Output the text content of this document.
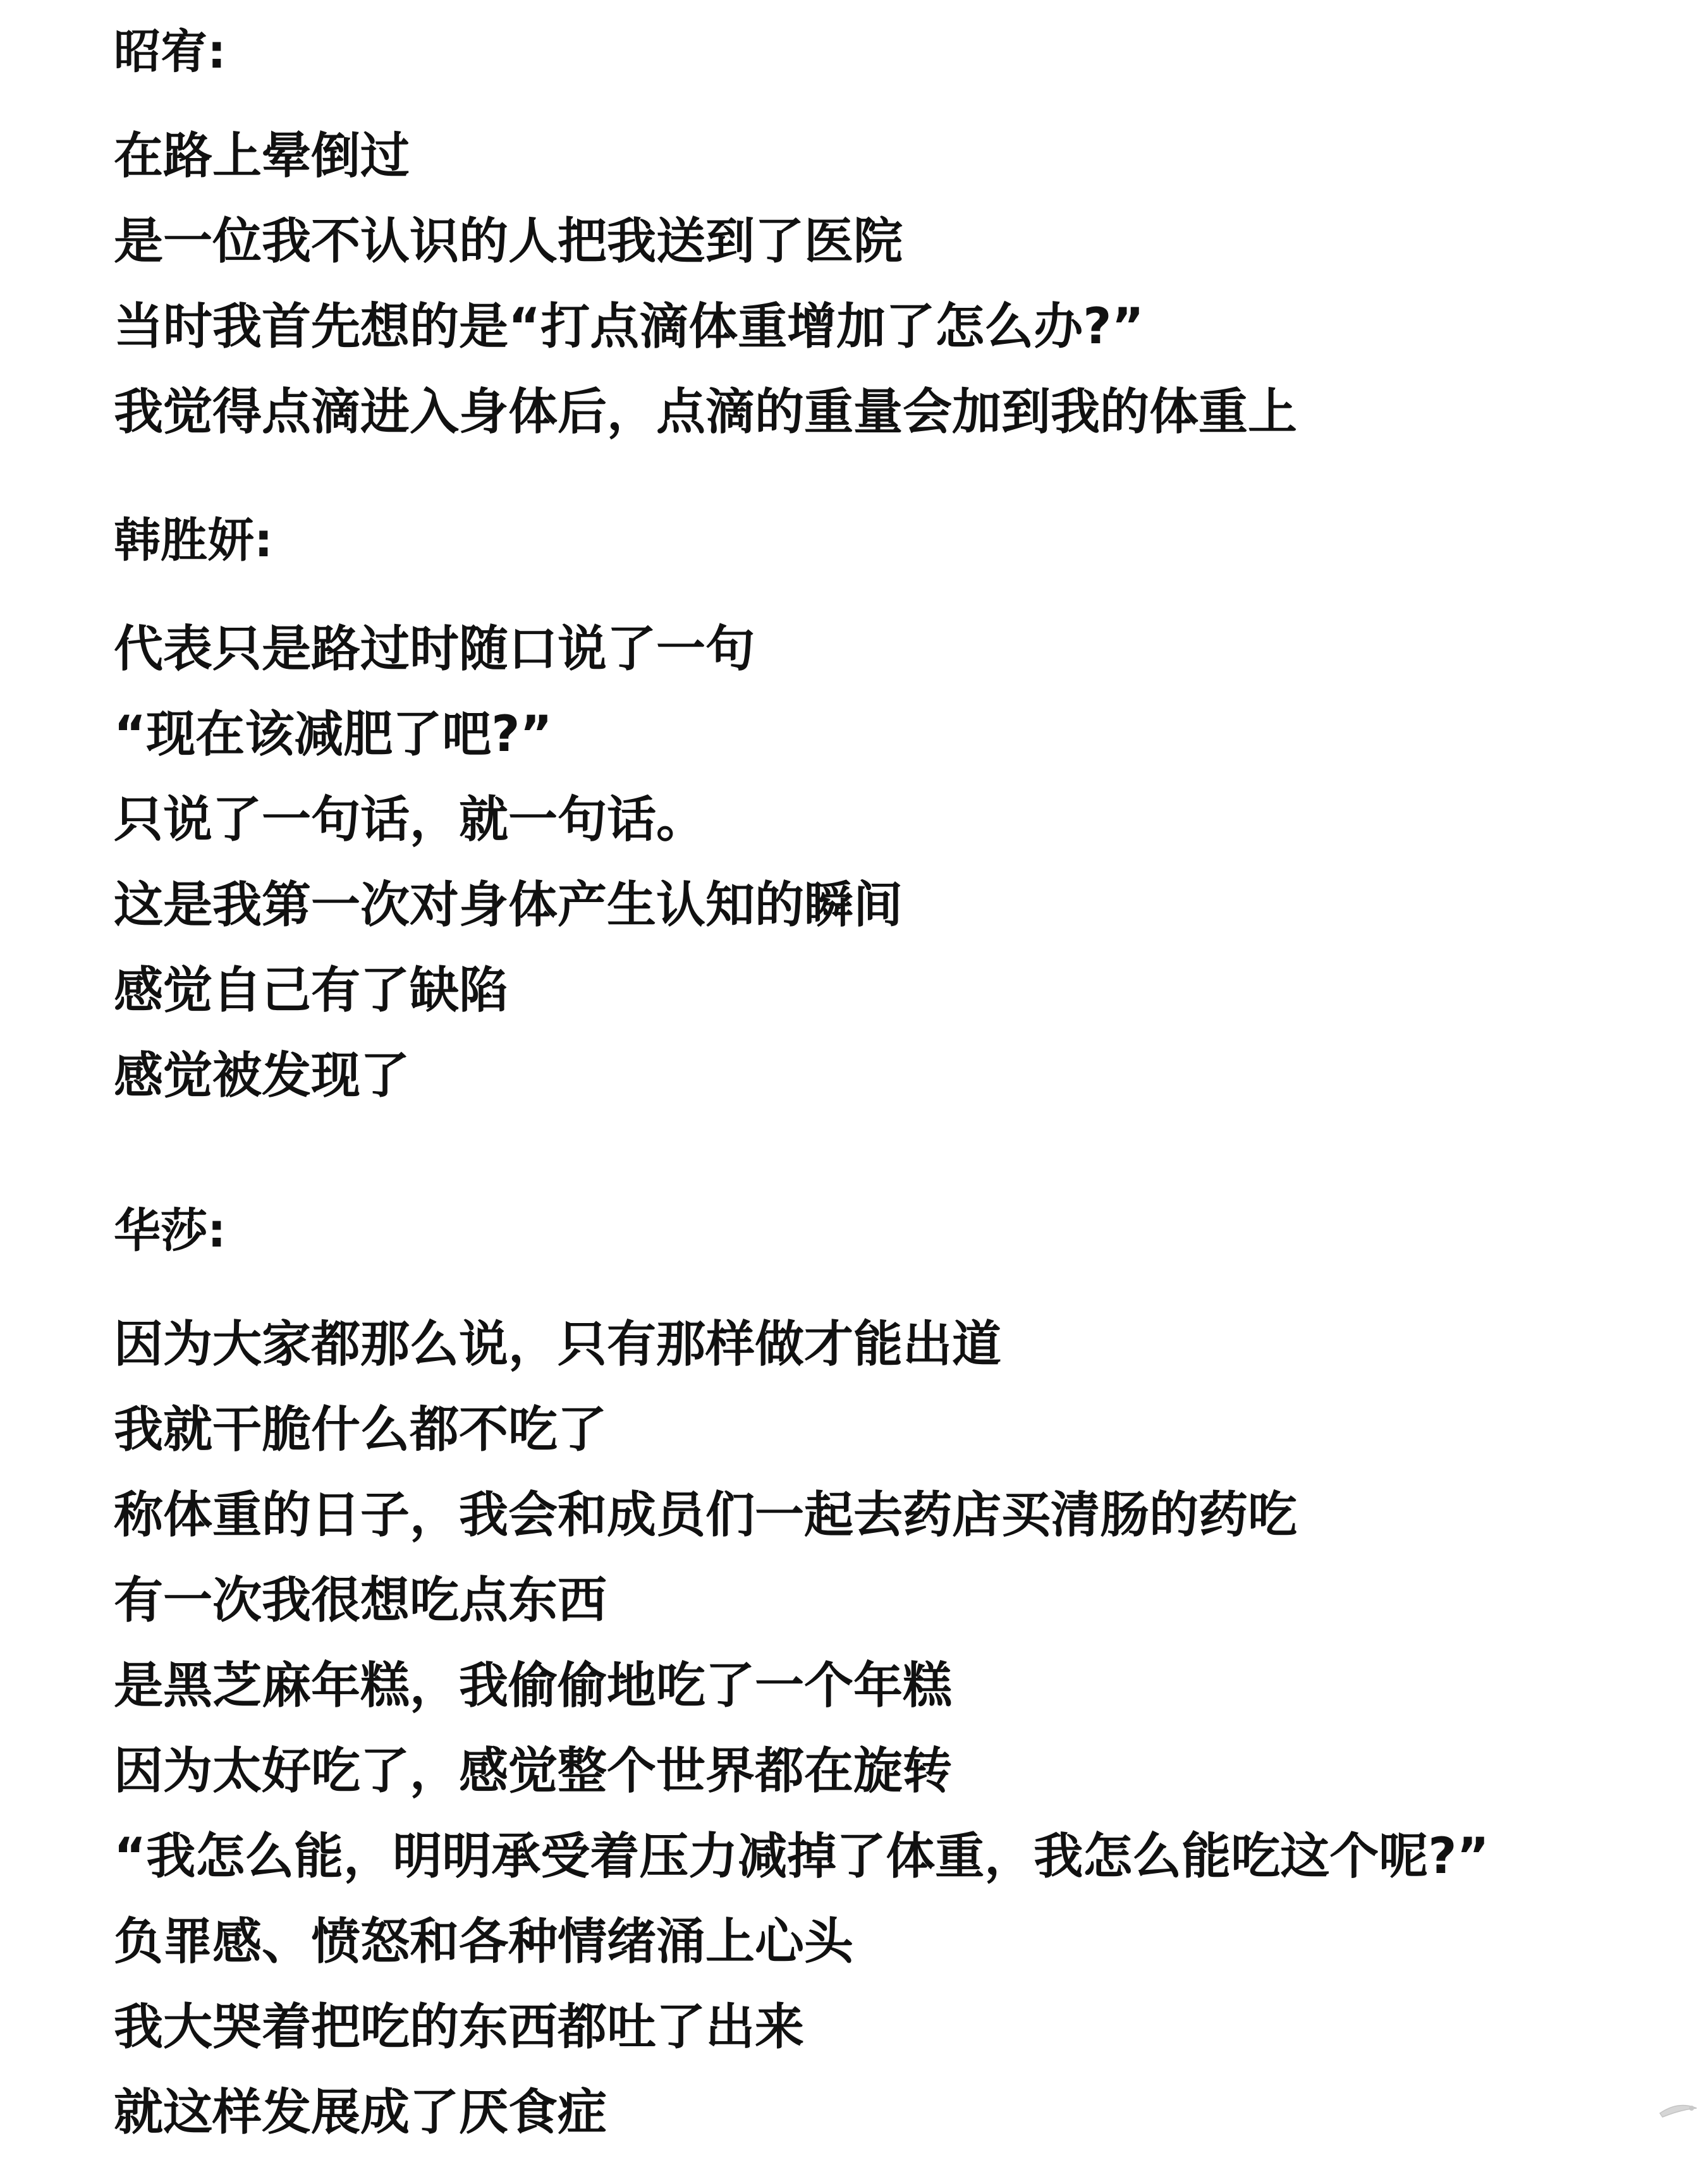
昭宥:
在路上晕倒过
是一位我不认识的人把我送到了医院
当时我首先想的是“打点滴体重增加了怎么办?”
我觉得点滴进入身体后，点滴的重量会加到我的体重上
韩胜妍:
代表只是路过时随口说了一句
“现在该减肥了吧?”
只说了一句话，就一句话。
这是我第一次对身体产生认知的瞬间
感觉自己有了缺陷
感觉被发现了
华莎:
因为大家都那么说，只有那样做才能出道
我就干脆什么都不吃了
称体重的日子，我会和成员们一起去药店买清肠的药吃
有一次我很想吃点东西
是黑芝麻年糕，我偷偷地吃了一个年糕
因为太好吃了，感觉整个世界都在旋转
“我怎么能，明明承受着压力减掉了体重，我怎么能吃这个呢?”
负罪感、愤怒和各种情绪涌上心头
我大哭着把吃的东西都吐了出来
就这样发展成了厌食症
